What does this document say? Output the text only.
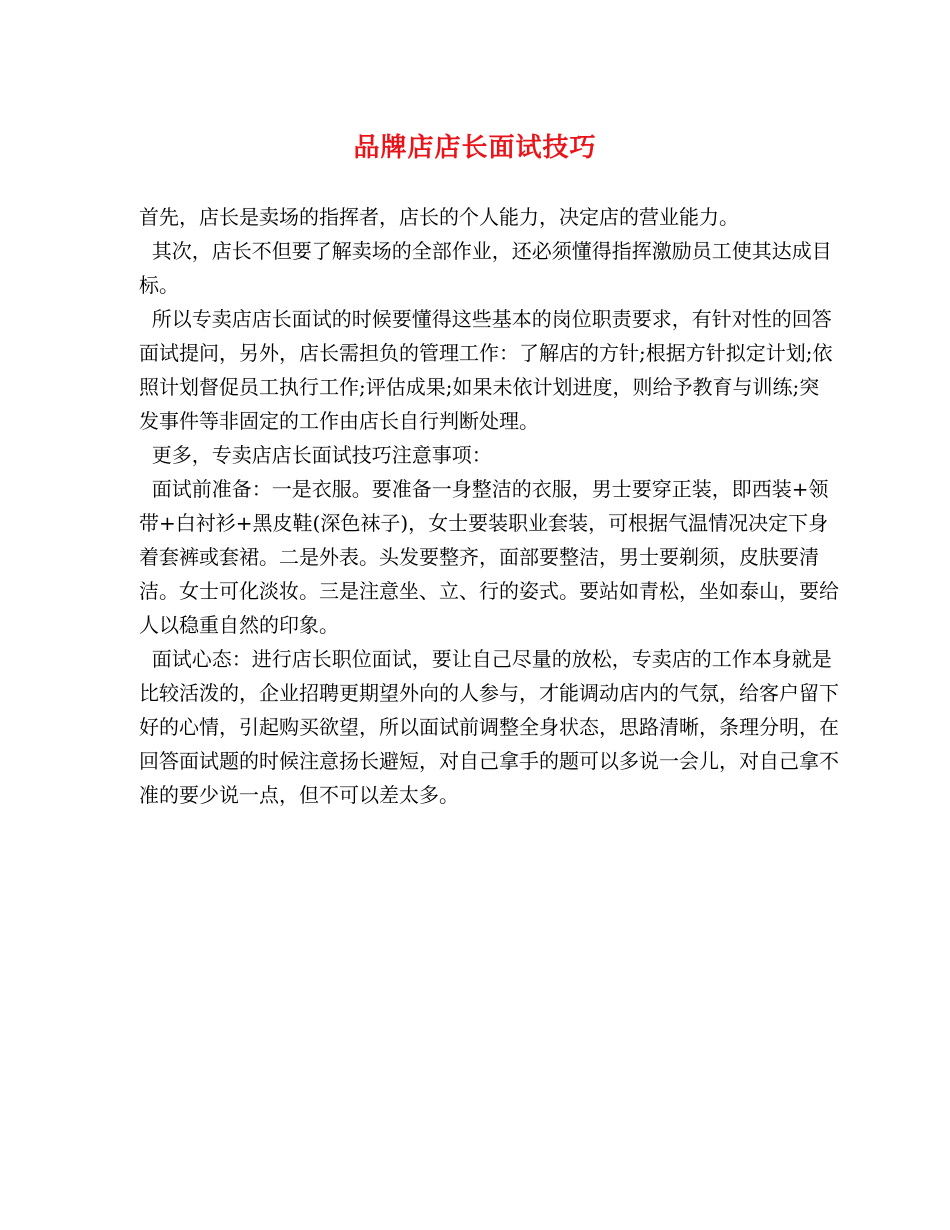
品牌店店长面试技巧

首先，店长是卖场的指挥者，店长的个人能力，决定店的营业能力。

其次，店长不但要了解卖场的全部作业，还必须懂得指挥激励员工使其达成目标。

所以专卖店店长面试的时候要懂得这些基本的岗位职责要求，有针对性的回答面试提问，另外，店长需担负的管理工作：了解店的方针;根据方针拟定计划;依照计划督促员工执行工作;评估成果;如果未依计划进度，则给予教育与训练;突发事件等非固定的工作由店长自行判断处理。

更多，专卖店店长面试技巧注意事项：

面试前准备：一是衣服。要准备一身整洁的衣服，男士要穿正装，即西装+领带+白衬衫+黑皮鞋(深色袜子)，女士要装职业套装，可根据气温情况决定下身着套裤或套裙。二是外表。头发要整齐，面部要整洁，男士要剃须，皮肤要清洁。女士可化淡妆。三是注意坐、立、行的姿式。要站如青松，坐如泰山，要给人以稳重自然的印象。

面试心态：进行店长职位面试，要让自己尽量的放松，专卖店的工作本身就是比较活泼的，企业招聘更期望外向的人参与，才能调动店内的气氛，给客户留下好的心情，引起购买欲望，所以面试前调整全身状态，思路清晰，条理分明，在回答面试题的时候注意扬长避短，对自己拿手的题可以多说一会儿，对自己拿不准的要少说一点，但不可以差太多。
